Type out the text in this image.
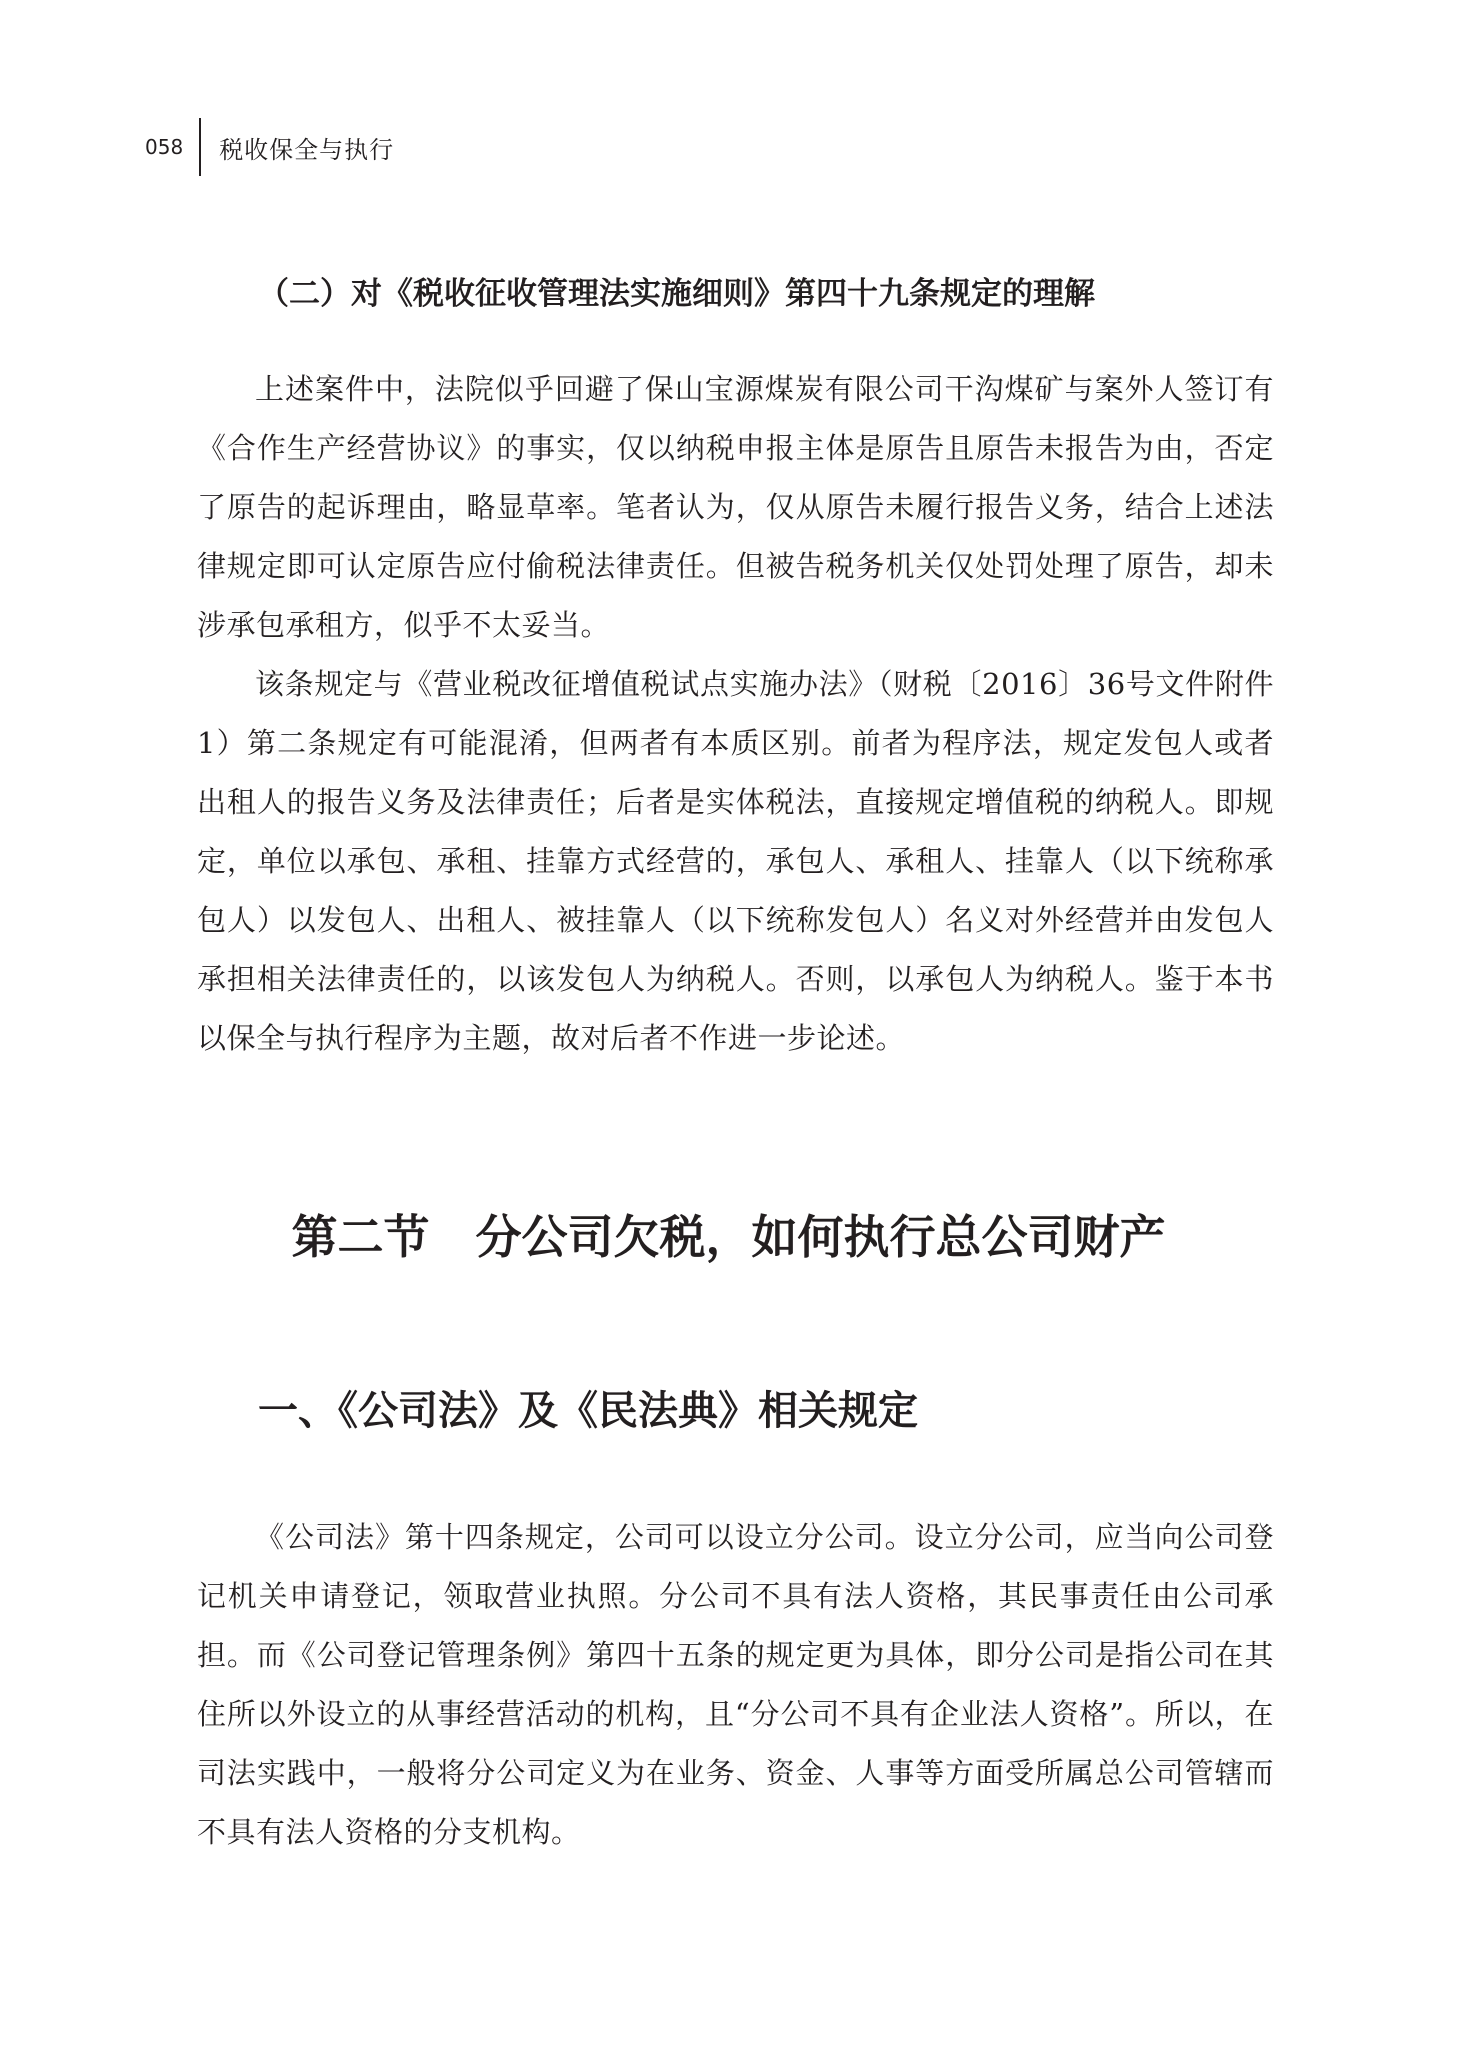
058 税收保全与执行
（二）对《税收征收管理法实施细则》第四十九条规定的理解

上述案件中，法院似乎回避了保山宝源煤炭有限公司干沟煤矿与案外人签订有《合作生产经营协议》的事实，仅以纳税申报主体是原告且原告未报告为由，否定了原告的起诉理由，略显草率。笔者认为，仅从原告未履行报告义务，结合上述法律规定即可认定原告应付偷税法律责任。但被告税务机关仅处罚处理了原告，却未涉承包承租方，似乎不太妥当。

该条规定与《营业税改征增值税试点实施办法》（财税〔2016〕36号文件附件1）第二条规定有可能混淆，但两者有本质区别。前者为程序法，规定发包人或者出租人的报告义务及法律责任；后者是实体税法，直接规定增值税的纳税人。即规定，单位以承包、承租、挂靠方式经营的，承包人、承租人、挂靠人（以下统称承包人）以发包人、出租人、被挂靠人（以下统称发包人）名义对外经营并由发包人承担相关法律责任的，以该发包人为纳税人。否则，以承包人为纳税人。鉴于本书以保全与执行程序为主题，故对后者不作进一步论述。

第二节　分公司欠税，如何执行总公司财产
一、《公司法》及《民法典》相关规定

《公司法》第十四条规定，公司可以设立分公司。设立分公司，应当向公司登记机关申请登记，领取营业执照。分公司不具有法人资格，其民事责任由公司承担。而《公司登记管理条例》第四十五条的规定更为具体，即分公司是指公司在其住所以外设立的从事经营活动的机构，且“分公司不具有企业法人资格”。所以，在司法实践中，一般将分公司定义为在业务、资金、人事等方面受所属总公司管辖而不具有法人资格的分支机构。
